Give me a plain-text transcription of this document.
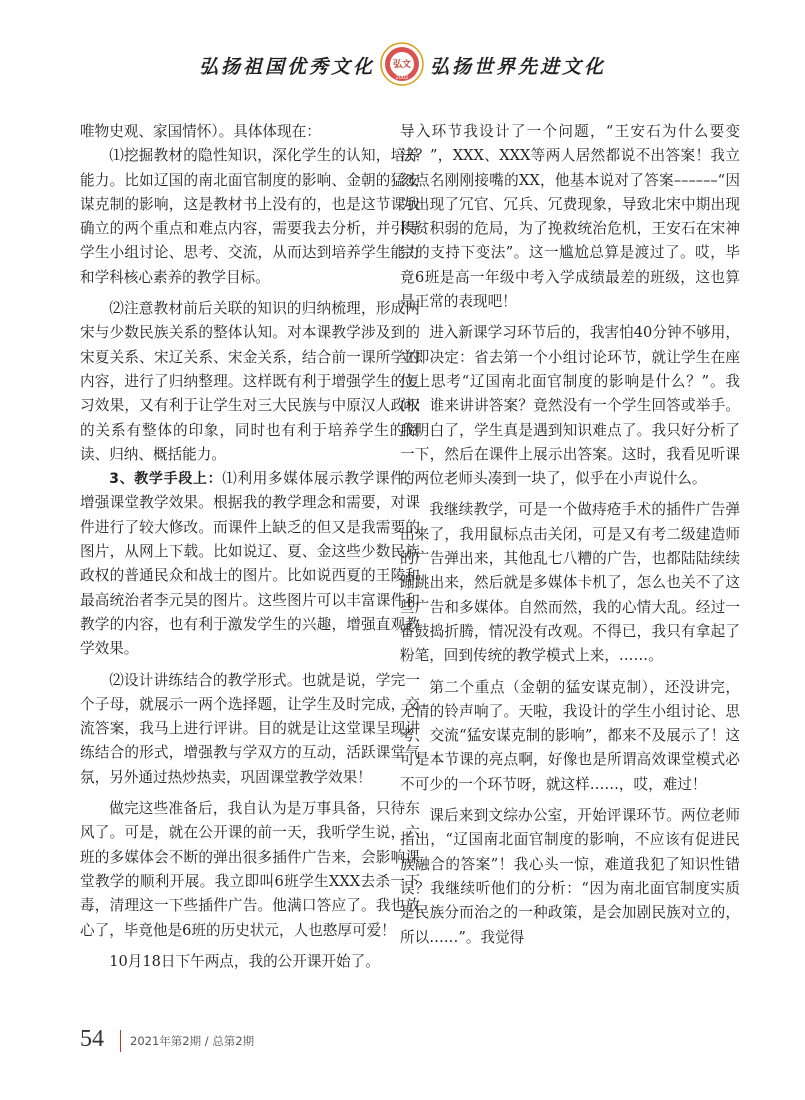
弘扬祖国优秀文化 弘文
2002 弘扬世界先进文化

唯物史观、家国情怀）。具体体现在：

⑴挖掘教材的隐性知识，深化学生的认知，培养能力。比如辽国的南北面官制度的影响、金朝的猛安谋克制的影响，这是教材书上没有的，也是这节课我确立的两个重点和难点内容，需要我去分析，并引导学生小组讨论、思考、交流，从而达到培养学生能力和学科核心素养的教学目标。

⑵注意教材前后关联的知识的归纳梳理，形成两宋与少数民族关系的整体认知。对本课教学涉及到的宋夏关系、宋辽关系、宋金关系，结合前一课所学的内容，进行了归纳整理。这样既有利于增强学生的复习效果，又有利于让学生对三大民族与中原汉人政权的关系有整体的印象，同时也有利于培养学生的阅读、归纳、概括能力。

3、教学手段上：⑴利用多媒体展示教学课件，增强课堂教学效果。根据我的教学理念和需要，对课件进行了较大修改。而课件上缺乏的但又是我需要的图片，从网上下载。比如说辽、夏、金这些少数民族政权的普通民众和战士的图片。比如说西夏的王陵和最高统治者李元昊的图片。这些图片可以丰富课件和教学的内容，也有利于激发学生的兴趣，增强直观教学效果。

⑵设计讲练结合的教学形式。也就是说，学完一个子母，就展示一两个选择题，让学生及时完成，交流答案，我马上进行评讲。目的就是让这堂课呈现讲练结合的形式，增强教与学双方的互动，活跃课堂气氛，另外通过热炒热卖，巩固课堂教学效果！

做完这些准备后，我自认为是万事具备，只待东风了。可是，就在公开课的前一天，我听学生说，六班的多媒体会不断的弹出很多插件广告来，会影响课堂教学的顺利开展。我立即叫6班学生XXX去杀一下毒，清理这一下些插件广告。他满口答应了。我也放心了，毕竟他是6班的历史状元，人也憨厚可爱！

10月18日下午两点，我的公开课开始了。

导入环节我设计了一个问题，“王安石为什么要变法？”，XXX、XXX等两人居然都说不出答案！我立刻点名刚刚接嘴的XX，他基本说对了答案––––––“因为出现了冗官、冗兵、冗费现象，导致北宋中期出现积贫积弱的危局，为了挽救统治危机，王安石在宋神宗的支持下变法”。这一尴尬总算是渡过了。哎，毕竟6班是高一年级中考入学成绩最差的班级，这也算是正常的表现吧！

进入新课学习环节后的，我害怕40分钟不够用，立即决定：省去第一个小组讨论环节，就让学生在座位上思考“辽国南北面官制度的影响是什么？”。我问：谁来讲讲答案？竟然没有一个学生回答或举手。我明白了，学生真是遇到知识难点了。我只好分析了一下，然后在课件上展示出答案。这时，我看见听课的两位老师头凑到一块了，似乎在小声说什么。

我继续教学，可是一个做痔疮手术的插件广告弹出来了，我用鼠标点击关闭，可是又有考二级建造师的广告弹出来，其他乱七八糟的广告，也都陆陆续续蹦跳出来，然后就是多媒体卡机了，怎么也关不了这些广告和多媒体。自然而然，我的心情大乱。经过一番鼓捣折腾，情况没有改观。不得已，我只有拿起了粉笔，回到传统的教学模式上来，……。

第二个重点（金朝的猛安谋克制），还没讲完，无情的铃声响了。天啦，我设计的学生小组讨论、思考、交流“猛安谋克制的影响”，都来不及展示了！这可是本节课的亮点啊，好像也是所谓高效课堂模式必不可少的一个环节呀，就这样……，哎，难过！

课后来到文综办公室，开始评课环节。两位老师指出，“辽国南北面官制度的影响，不应该有促进民族融合的答案”！我心头一惊，难道我犯了知识性错误？我继续听他们的分析：“因为南北面官制度实质是民族分而治之的一种政策，是会加剧民族对立的，所以……”。我觉得

54 2021年第2期 / 总第2期
